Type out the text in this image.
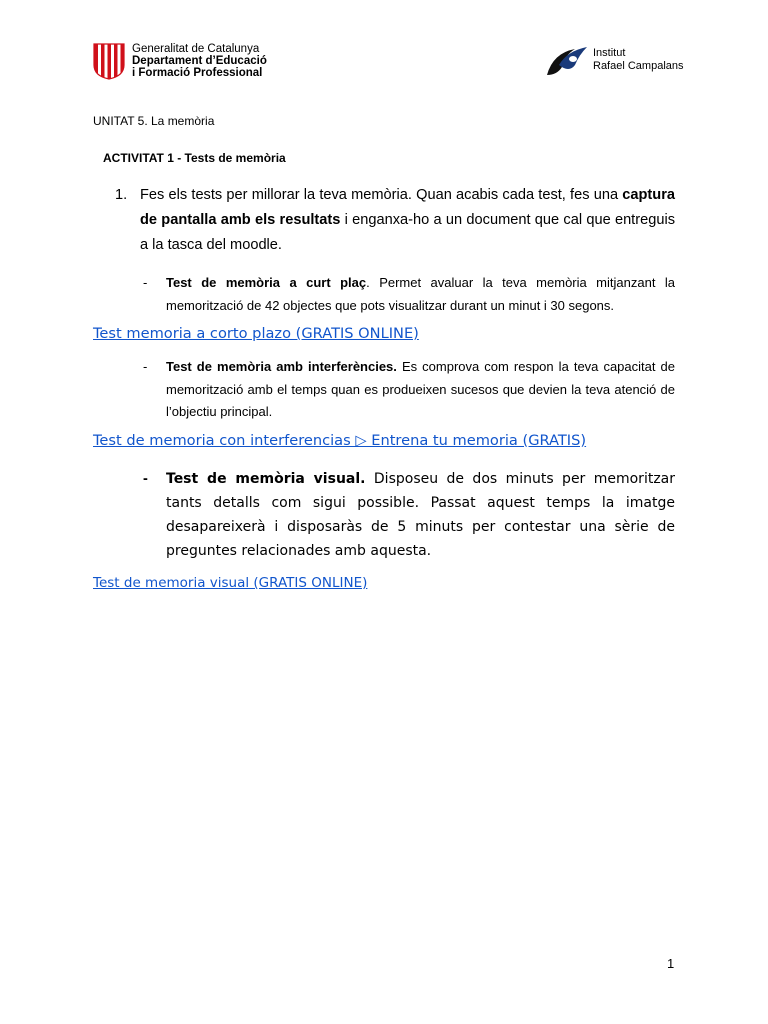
Generalitat de Catalunya
Departament d’Educació
i Formació Professional
Institut
Rafael Campalans
UNITAT 5. La memòria
ACTIVITAT 1 - Tests de memòria
1. Fes els tests per millorar la teva memòria. Quan acabis cada test, fes una captura de pantalla amb els resultats i enganxa-ho a un document que cal que entreguis a la tasca del moodle.
- Test de memòria a curt plaç. Permet avaluar la teva memòria mitjanzant la memorització de 42 objectes que pots visualitzar durant un minut i 30 segons.
Test memoria a corto plazo (GRATIS ONLINE)
- Test de memòria amb interferències. Es comprova com respon la teva capacitat de memorització amb el temps quan es produeixen sucesos que devien la teva atenció de l’objectiu principal.
Test de memoria con interferencias ▷ Entrena tu memoria (GRATIS)
- Test de memòria visual. Disposeu de dos minuts per memoritzar tants detalls com sigui possible. Passat aquest temps la imatge desapareixerà i disposaràs de 5 minuts per contestar una sèrie de preguntes relacionades amb aquesta.
Test de memoria visual (GRATIS ONLINE)
1
